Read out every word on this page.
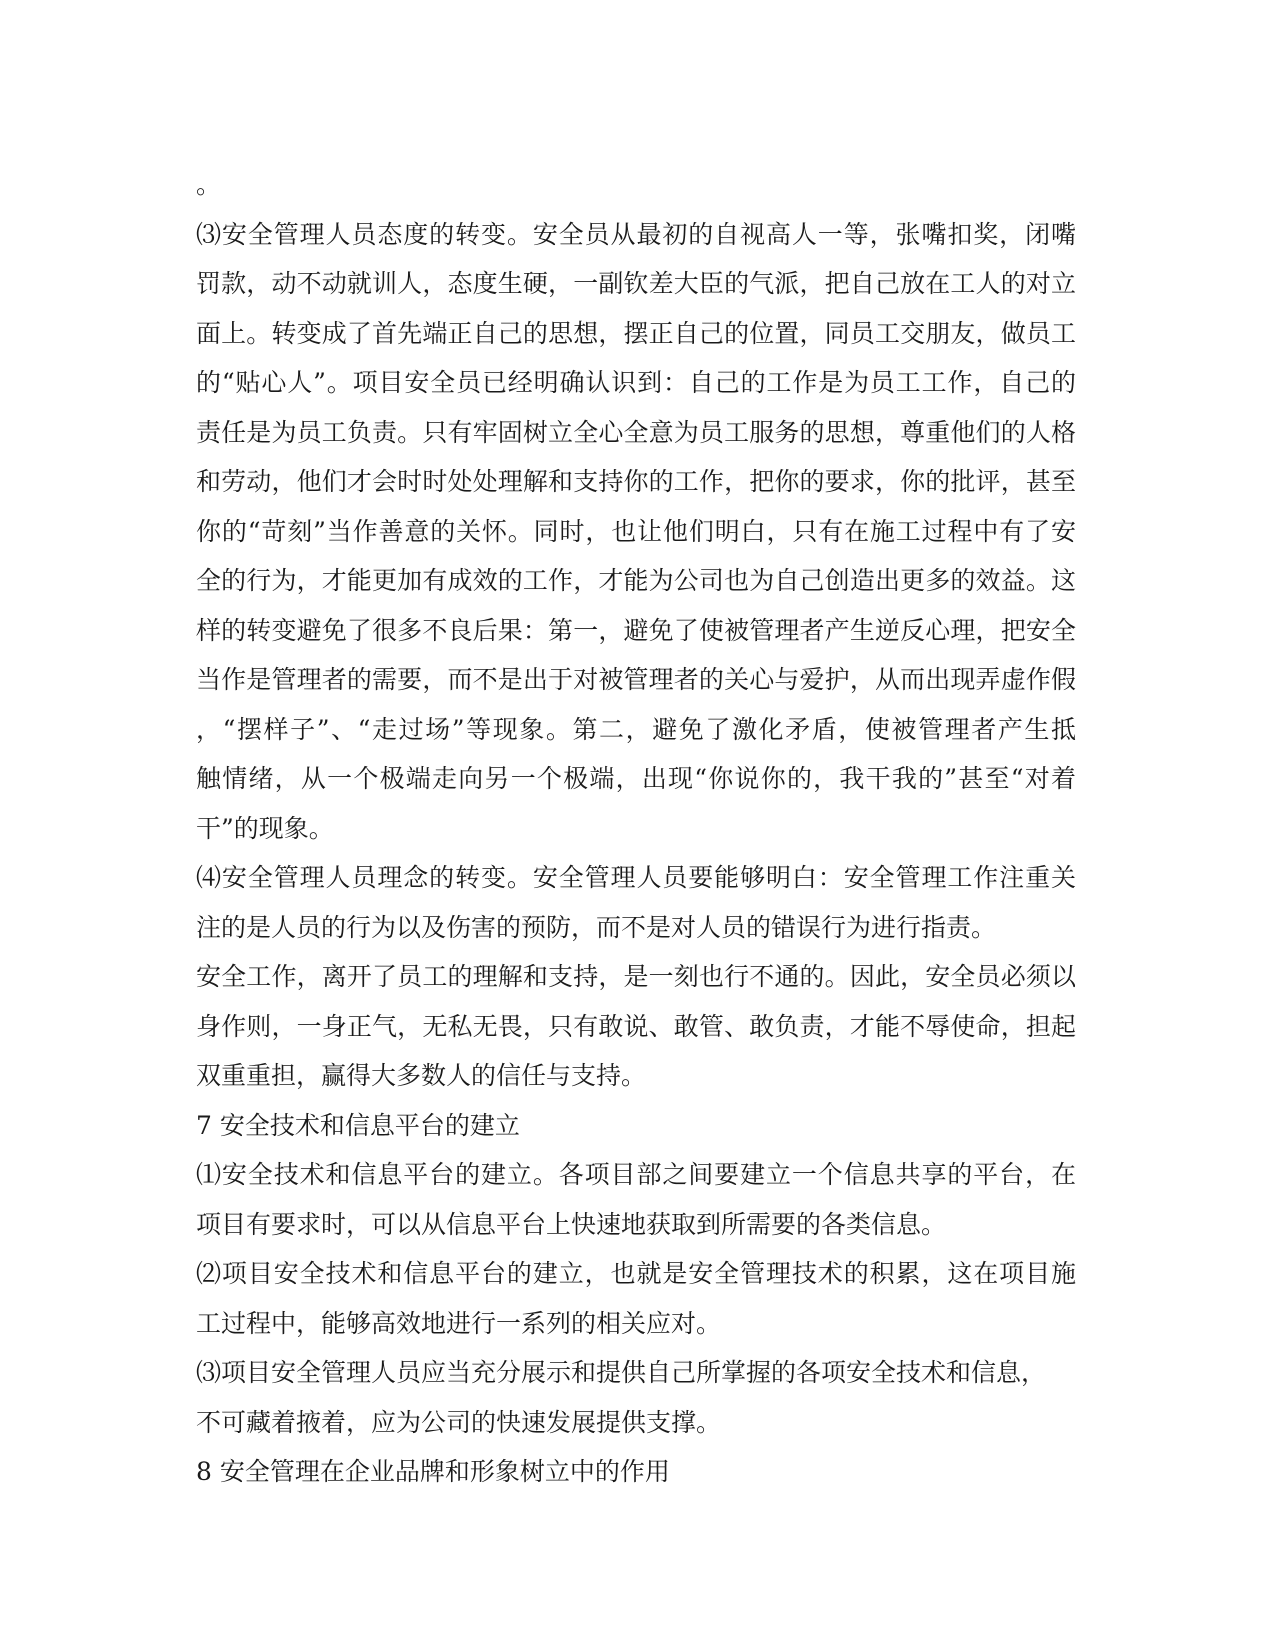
。
⑶安全管理人员态度的转变。安全员从最初的自视高人一等，张嘴扣奖，闭嘴
罚款，动不动就训人，态度生硬，一副钦差大臣的气派，把自己放在工人的对立
面上。转变成了首先端正自己的思想，摆正自己的位置，同员工交朋友，做员工
的“贴心人”。项目安全员已经明确认识到：自己的工作是为员工工作，自己的
责任是为员工负责。只有牢固树立全心全意为员工服务的思想，尊重他们的人格
和劳动，他们才会时时处处理解和支持你的工作，把你的要求，你的批评，甚至
你的“苛刻”当作善意的关怀。同时，也让他们明白，只有在施工过程中有了安
全的行为，才能更加有成效的工作，才能为公司也为自己创造出更多的效益。这
样的转变避免了很多不良后果：第一，避免了使被管理者产生逆反心理，把安全
当作是管理者的需要，而不是出于对被管理者的关心与爱护，从而出现弄虚作假
，“摆样子”、“走过场”等现象。第二，避免了激化矛盾，使被管理者产生抵
触情绪，从一个极端走向另一个极端，出现“你说你的，我干我的”甚至“对着
干”的现象。
⑷安全管理人员理念的转变。安全管理人员要能够明白：安全管理工作注重关
注的是人员的行为以及伤害的预防，而不是对人员的错误行为进行指责。
安全工作，离开了员工的理解和支持，是一刻也行不通的。因此，安全员必须以
身作则，一身正气，无私无畏，只有敢说、敢管、敢负责，才能不辱使命，担起
双重重担，赢得大多数人的信任与支持。
7 安全技术和信息平台的建立
⑴安全技术和信息平台的建立。各项目部之间要建立一个信息共享的平台，在
项目有要求时，可以从信息平台上快速地获取到所需要的各类信息。
⑵项目安全技术和信息平台的建立，也就是安全管理技术的积累，这在项目施
工过程中，能够高效地进行一系列的相关应对。
⑶项目安全管理人员应当充分展示和提供自己所掌握的各项安全技术和信息，
不可藏着掖着，应为公司的快速发展提供支撑。
8 安全管理在企业品牌和形象树立中的作用
